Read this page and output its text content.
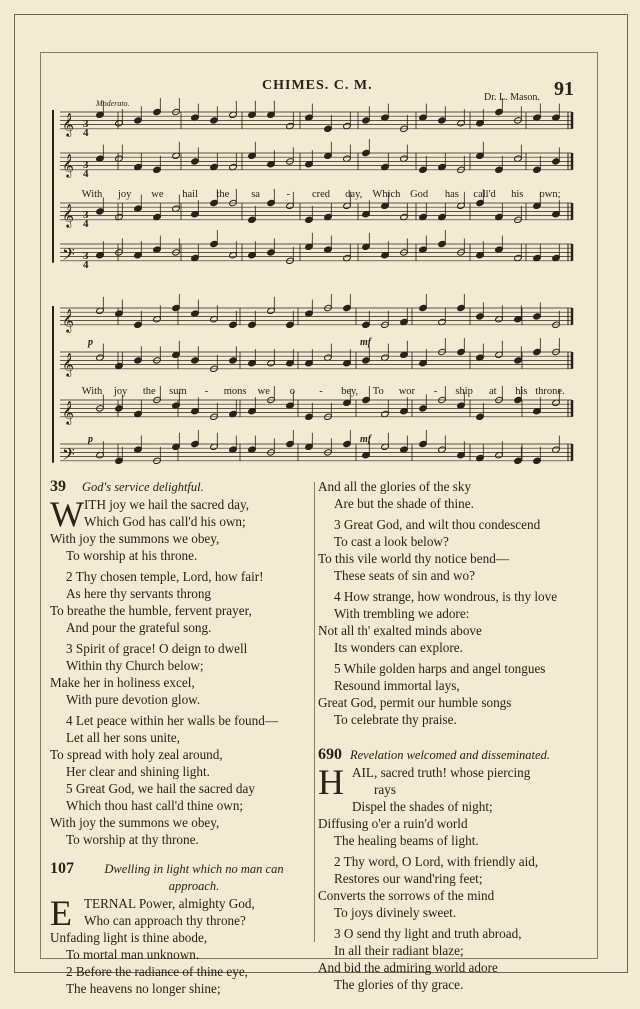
CHIMES. C. M.
Dr. L. Mason. 91
𝄞 3
4
𝄞 3
4
𝄞 3
4
𝄢 3
4
Moderato.
With joy we hail the sa	- cred day, Which God has call'd his own;
𝄞
𝄞
𝄞
𝄢
p	mf
p	mf
With joy the sum - mons we o - bey, To wor - ship at his throne.
39	God's service delightful.
W ITH joy we hail the sacred day,
Which God has call'd his own;
With joy the summons we obey,
To worship at his throne.
2 Thy chosen temple, Lord, how fair!
As here thy servants throng
To breathe the humble, fervent prayer,
And pour the grateful song.
3 Spirit of grace! O deign to dwell
Within thy Church below;
Make her in holiness excel,
With pure devotion glow.
4 Let peace within her walls be found—
Let all her sons unite,
To spread with holy zeal around,
Her clear and shining light.
5 Great God, we hail the sacred day
Which thou hast call'd thine own;
With joy the summons we obey,
To worship at thy throne.
107	Dwelling in light which no man can approach.
E TERNAL Power, almighty God,
Who can approach thy throne?
Unfading light is thine abode,
To mortal man unknown.
2 Before the radiance of thine eye,
The heavens no longer shine;
And all the glories of the sky
Are but the shade of thine.
3 Great God, and wilt thou condescend
To cast a look below?
To this vile world thy notice bend—
These seats of sin and wo?
4 How strange, how wondrous, is thy love
With trembling we adore:
Not all th' exalted minds above
Its wonders can explore.
5 While golden harps and angel tongues
Resound immortal lays,
Great God, permit our humble songs
To celebrate thy praise.
690 Revelation welcomed and disseminated.
H AIL, sacred truth! whose piercing
rays
Dispel the shades of night;
Diffusing o'er a ruin'd world
The healing beams of light.
2 Thy word, O Lord, with friendly aid,
Restores our wand'ring feet;
Converts the sorrows of the mind
To joys divinely sweet.
3 O send thy light and truth abroad,
In all their radiant blaze;
And bid the admiring world adore
The glories of thy grace.
